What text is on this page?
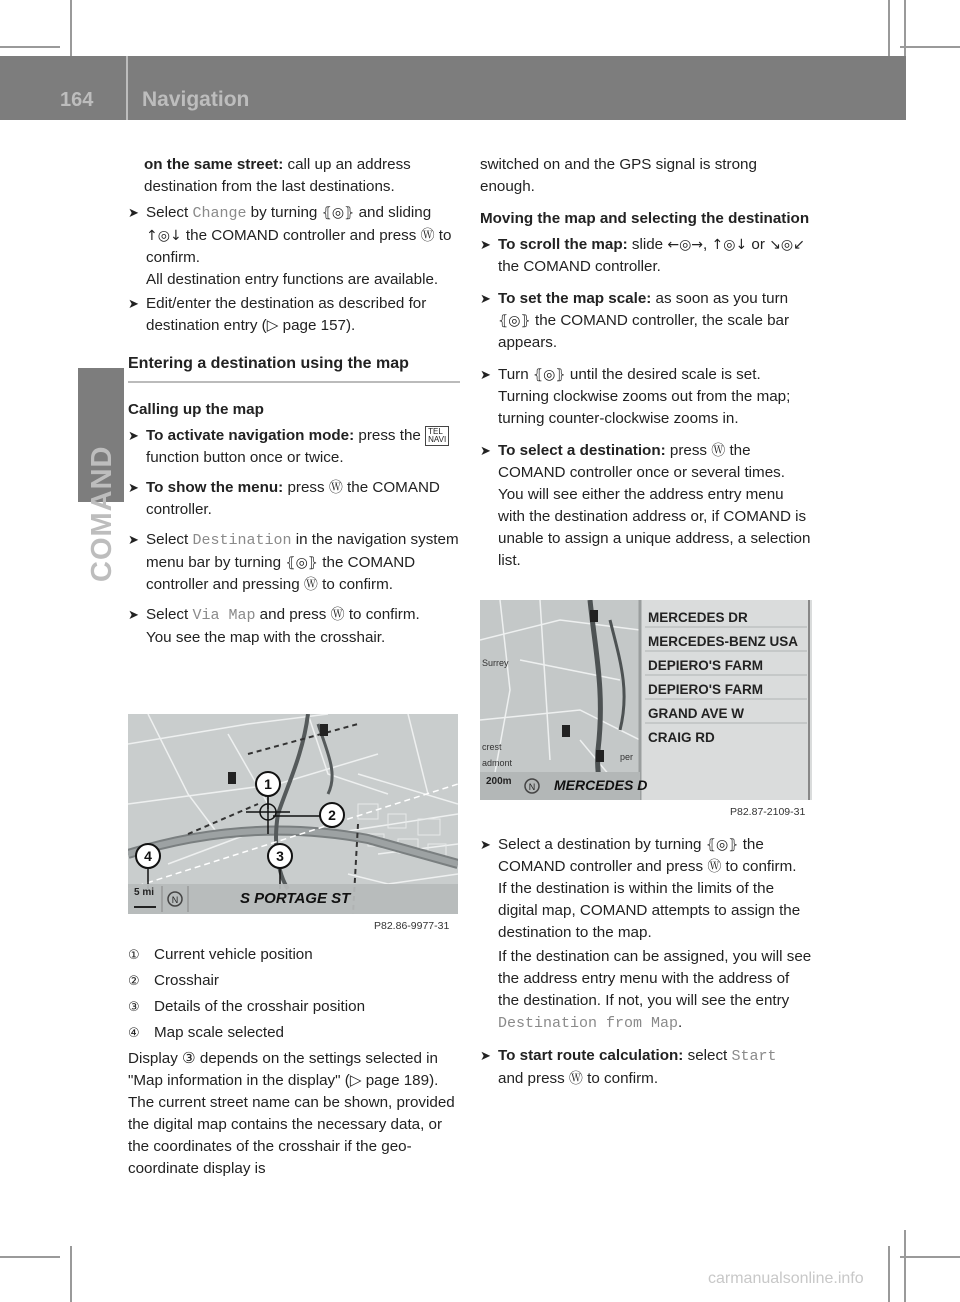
164 Navigation
COMAND

on the same street: call up an address destination from the last destinations.

➤ Select Change by turning ⦃◎⦄ and sliding ↑◎↓ the COMAND controller and press Ⓦ to confirm.

All destination entry functions are available.

➤ Edit/enter the destination as described for destination entry (▷ page 157).

Entering a destination using the map

Calling up the map

➤ To activate navigation mode: press the TEL
NAVI function button once or twice.
➤ To show the menu: press Ⓦ the COMAND controller.
➤ Select Destination in the navigation system menu bar by turning ⦃◎⦄ the COMAND controller and pressing Ⓦ to confirm.
➤ Select Via Map and press Ⓦ to confirm.

You see the map with the crosshair.

1
2
3
4
N
5 mi	S PORTAGE ST
P82.86-9977-31
① Current vehicle position
② Crosshair
③ Details of the crosshair position
④ Map scale selected

Display ③ depends on the settings selected in "Map information in the display" (▷ page 189). The current street name can be shown, provided the digital map contains the necessary data, or the coordinates of the crosshair if the geo-coordinate display is

switched on and the GPS signal is strong enough.

Moving the map and selecting the destination

➤ To scroll the map: slide ←◎→, ↑◎↓ or ↘◎↙ the COMAND controller.
➤ To set the map scale: as soon as you turn ⦃◎⦄ the COMAND controller, the scale bar appears.
➤ Turn ⦃◎⦄ until the desired scale is set.

Turning clockwise zooms out from the map; turning counter-clockwise zooms in.

➤ To select a destination: press Ⓦ the COMAND controller once or several times. You will see either the address entry menu with the destination address or, if COMAND is unable to assign a unique address, a selection list.
N
Surrey
crest
admont
per
MERCEDES DR
MERCEDES-BENZ USA
DEPIERO'S FARM
DEPIERO'S FARM
GRAND AVE W
CRAIG RD
200m	MERCEDES D
P82.87-2109-31
➤ Select a destination by turning ⦃◎⦄ the COMAND controller and press Ⓦ to confirm.

If the destination is within the limits of the digital map, COMAND attempts to assign the destination to the map.

If the destination can be assigned, you will see the address entry menu with the address of the destination. If not, you will see the entry Destination from Map.

➤ To start route calculation: select Start
and press Ⓦ to confirm.
carmanualsonline.info
